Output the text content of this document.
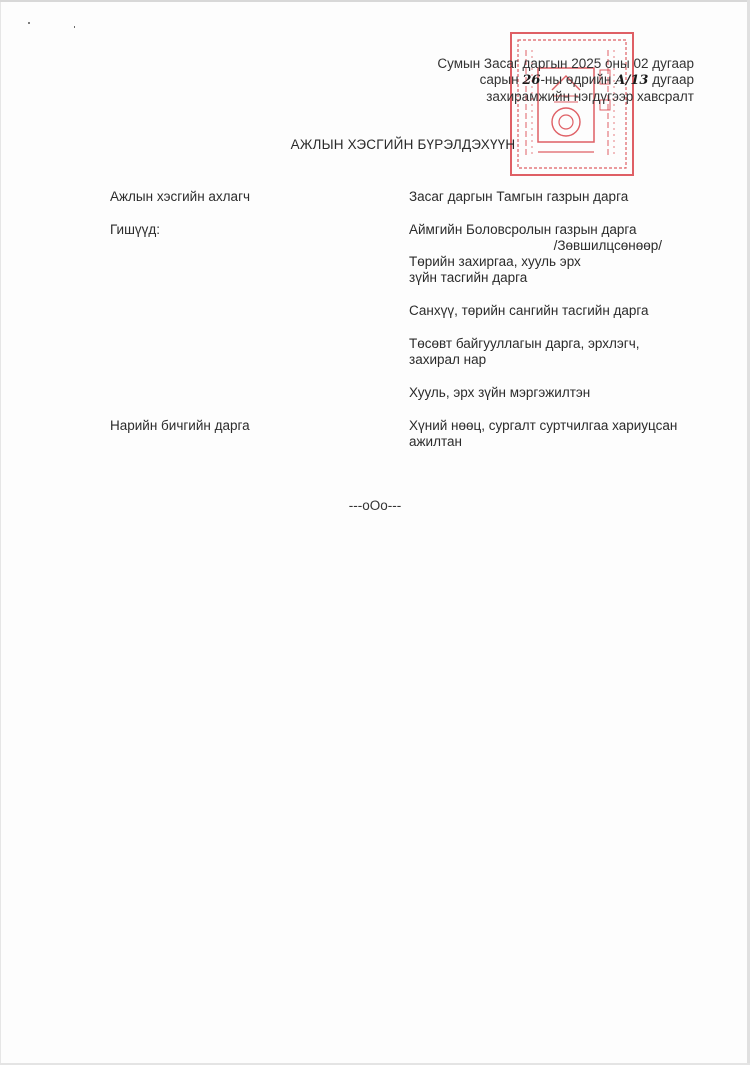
Сумын Засаг даргын 2025 оны 02 дугаар
сарын 26-ны өдрийн А/13 дугаар
захирамжийн нэгдүгээр хавсралт
АЖЛЫН ХЭСГИЙН БҮРЭЛДЭХҮҮН
Ажлын хэсгийн ахлагч	Засаг даргын Тамгын газрын дарга
Гишүүд:	Аймгийн Боловсролын газрын дарга
/Зөвшилцсөнөөр/
Төрийн захиргаа, хууль эрх
зүйн тасгийн дарга
Санхүү, төрийн сангийн тасгийн дарга
Төсөвт байгууллагын дарга, эрхлэгч,
захирал нар
Хууль, эрх зүйн мэргэжилтэн
Нарийн бичгийн дарга	Хүний нөөц, сургалт суртчилгаа хариуцсан
ажилтан
---оОо---
